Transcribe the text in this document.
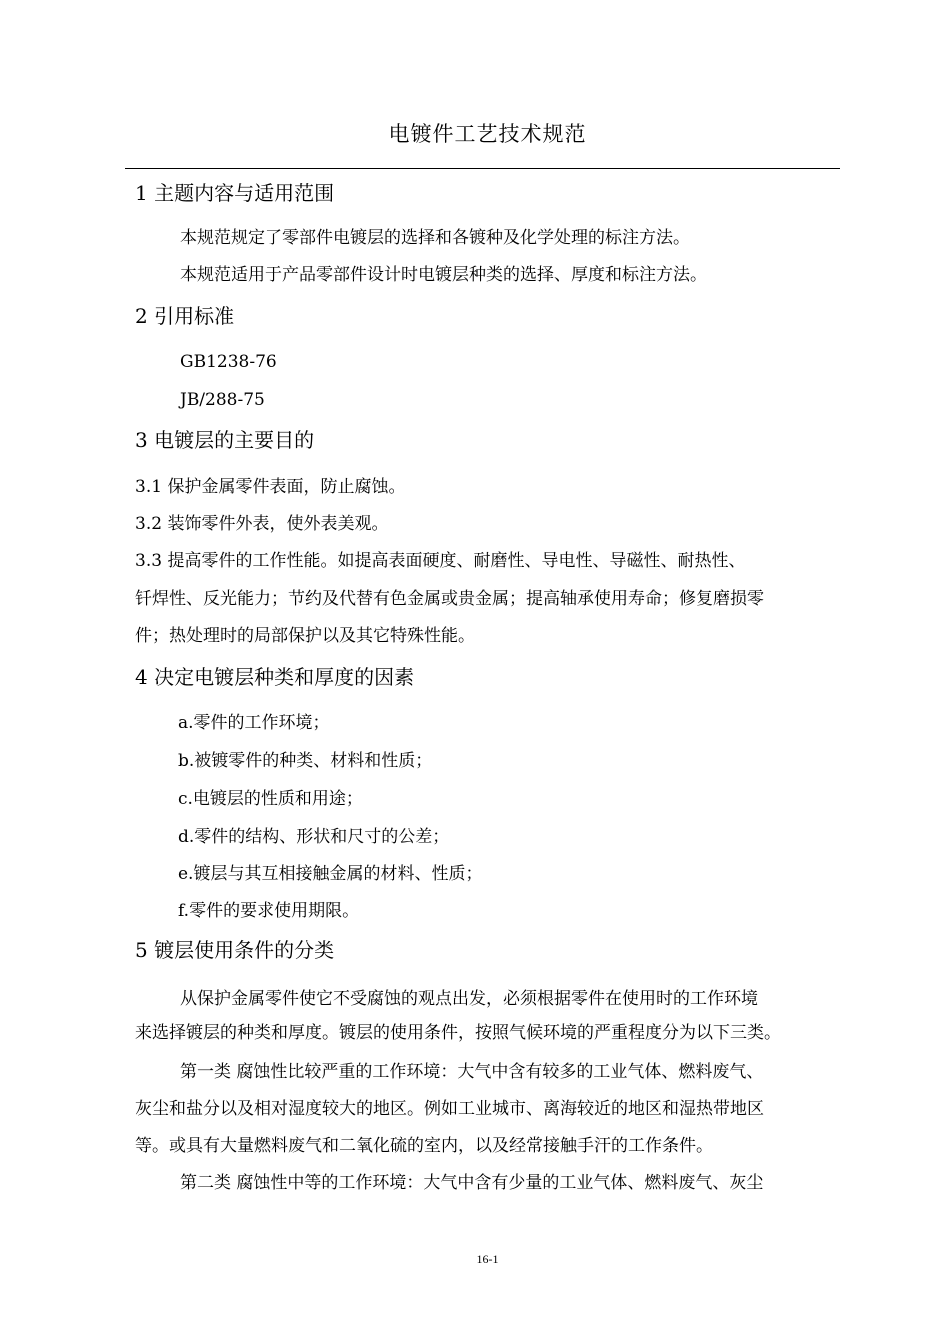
电镀件工艺技术规范
1 主题内容与适用范围
本规范规定了零部件电镀层的选择和各镀种及化学处理的标注方法。
本规范适用于产品零部件设计时电镀层种类的选择、厚度和标注方法。
2 引用标准
GB1238-76
JB/288-75
3 电镀层的主要目的
3.1 保护金属零件表面，防止腐蚀。
3.2 装饰零件外表，使外表美观。
3.3 提高零件的工作性能。如提高表面硬度、耐磨性、导电性、导磁性、耐热性、
钎焊性、反光能力；节约及代替有色金属或贵金属；提高轴承使用寿命；修复磨损零
件；热处理时的局部保护以及其它特殊性能。
4 决定电镀层种类和厚度的因素
a.零件的工作环境；
b.被镀零件的种类、材料和性质；
c.电镀层的性质和用途；
d.零件的结构、形状和尺寸的公差；
e.镀层与其互相接触金属的材料、性质；
f.零件的要求使用期限。
5 镀层使用条件的分类
从保护金属零件使它不受腐蚀的观点出发，必须根据零件在使用时的工作环境
来选择镀层的种类和厚度。镀层的使用条件，按照气候环境的严重程度分为以下三类。
第一类 腐蚀性比较严重的工作环境：大气中含有较多的工业气体、燃料废气、
灰尘和盐分以及相对湿度较大的地区。例如工业城市、离海较近的地区和湿热带地区
等。或具有大量燃料废气和二氧化硫的室内，以及经常接触手汗的工作条件。
第二类 腐蚀性中等的工作环境：大气中含有少量的工业气体、燃料废气、灰尘
16-1
